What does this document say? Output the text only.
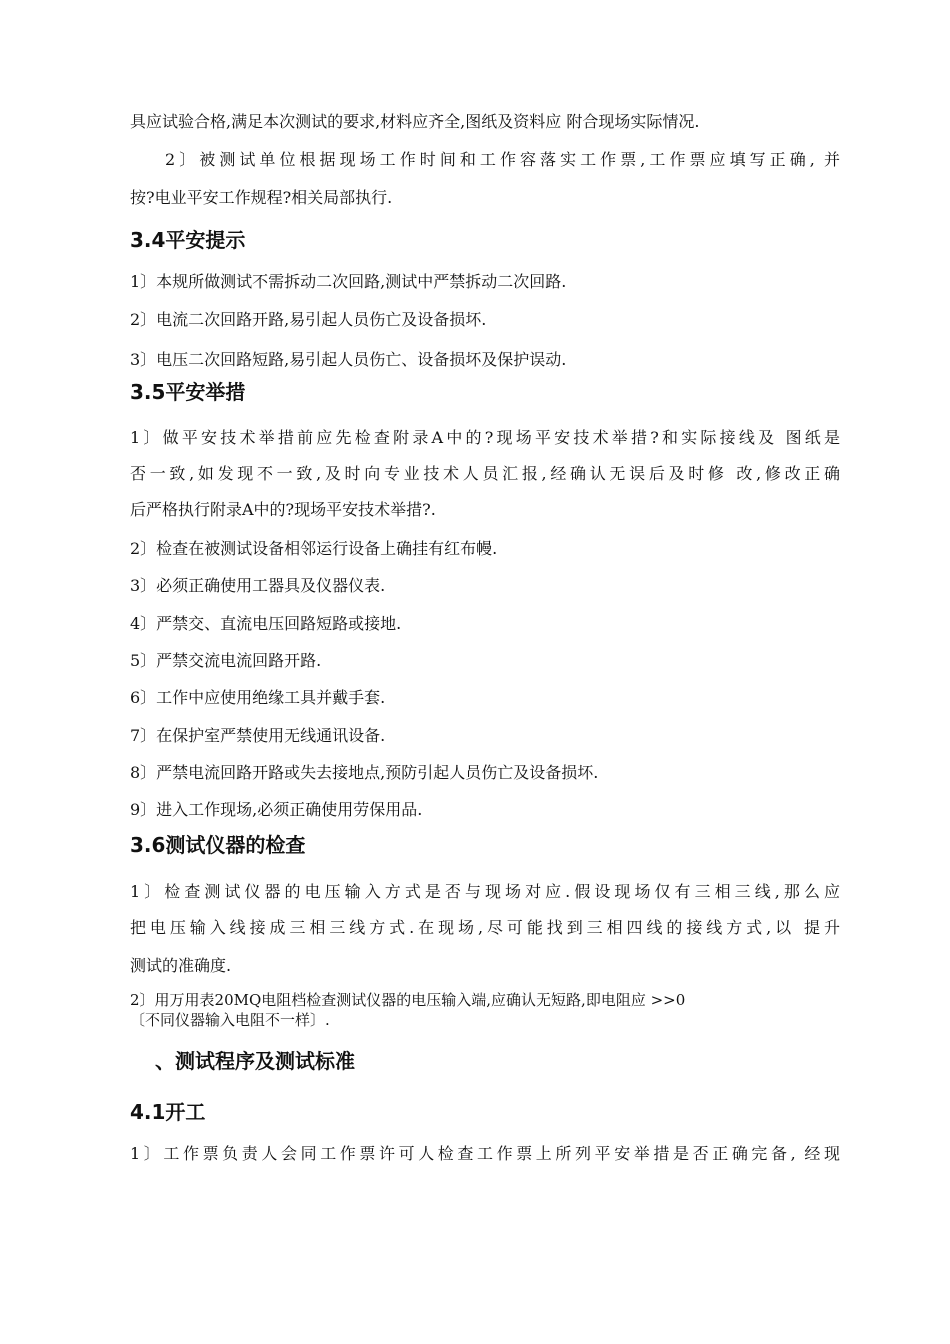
具应试验合格,满足本次测试的要求,材料应齐全,图纸及资料应 附合现场实际情况.
2〕被测试单位根据现场工作时间和工作容落实工作票,工作票应填写正确, 并
按?电业平安工作规程?相关局部执行.
3.4平安提示
1〕本规所做测试不需拆动二次回路,测试中严禁拆动二次回路.
2〕电流二次回路开路,易引起人员伤亡及设备损坏.
3〕电压二次回路短路,易引起人员伤亡、设备损坏及保护误动.
3.5平安举措
1〕做平安技术举措前应先检查附录A中的?现场平安技术举措?和实际接线及 图纸是
否一致,如发现不一致,及时向专业技术人员汇报,经确认无误后及时修 改,修改正确
后严格执行附录A中的?现场平安技术举措?.
2〕检查在被测试设备相邻运行设备上确挂有红布幔.
3〕必须正确使用工器具及仪器仪表.
4〕严禁交、直流电压回路短路或接地.
5〕严禁交流电流回路开路.
6〕工作中应使用绝缘工具并戴手套.
7〕在保护室严禁使用无线通讯设备.
8〕严禁电流回路开路或失去接地点,预防引起人员伤亡及设备损坏.
9〕进入工作现场,必须正确使用劳保用品.
3.6测试仪器的检查
1〕检查测试仪器的电压输入方式是否与现场对应.假设现场仅有三相三线,那么应
把电压输入线接成三相三线方式.在现场,尽可能找到三相四线的接线方式,以 提升
测试的准确度.
2〕用万用表20MQ电阻档检查测试仪器的电压输入端,应确认无短路,即电阻应 >>0
〔不同仪器输入电阻不一样〕.
、测试程序及测试标准
4.1开工
1〕工作票负责人会同工作票许可人检查工作票上所列平安举措是否正确完备, 经现
